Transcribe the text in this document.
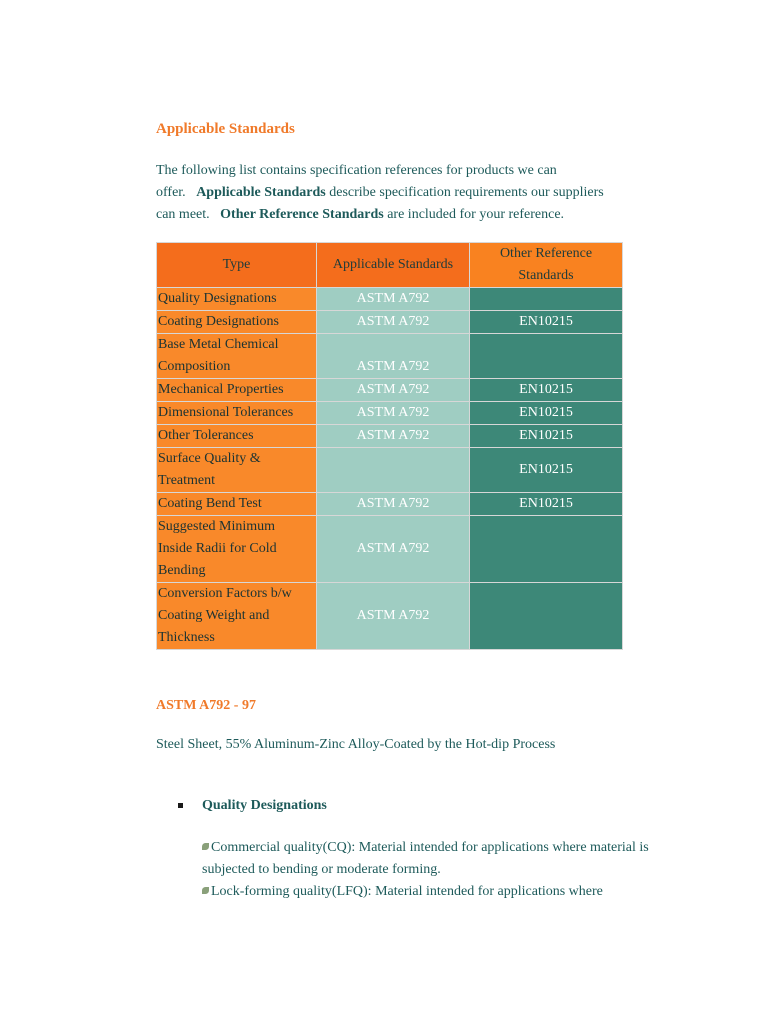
Applicable Standards
The following list contains specification references for products we can
offer. Applicable Standards describe specification requirements our suppliers
can meet. Other Reference Standards are included for your reference.
Type	Applicable Standards	Other Reference Standards
Quality Designations	ASTM A792	
Coating Designations	ASTM A792	EN10215
Base Metal Chemical Composition	ASTM A792	
Mechanical Properties	ASTM A792	EN10215
Dimensional Tolerances	ASTM A792	EN10215
Other Tolerances	ASTM A792	EN10215
Surface Quality & Treatment		EN10215
Coating Bend Test	ASTM A792	EN10215
Suggested Minimum Inside Radii for Cold Bending	ASTM A792	
Conversion Factors b/w Coating Weight and Thickness	ASTM A792	
ASTM A792 - 97
Steel Sheet, 55% Aluminum-Zinc Alloy-Coated by the Hot-dip Process
Quality Designations
Commercial quality(CQ): Material intended for applications where material is subjected to bending or moderate forming.
Lock-forming quality(LFQ): Material intended for applications where
